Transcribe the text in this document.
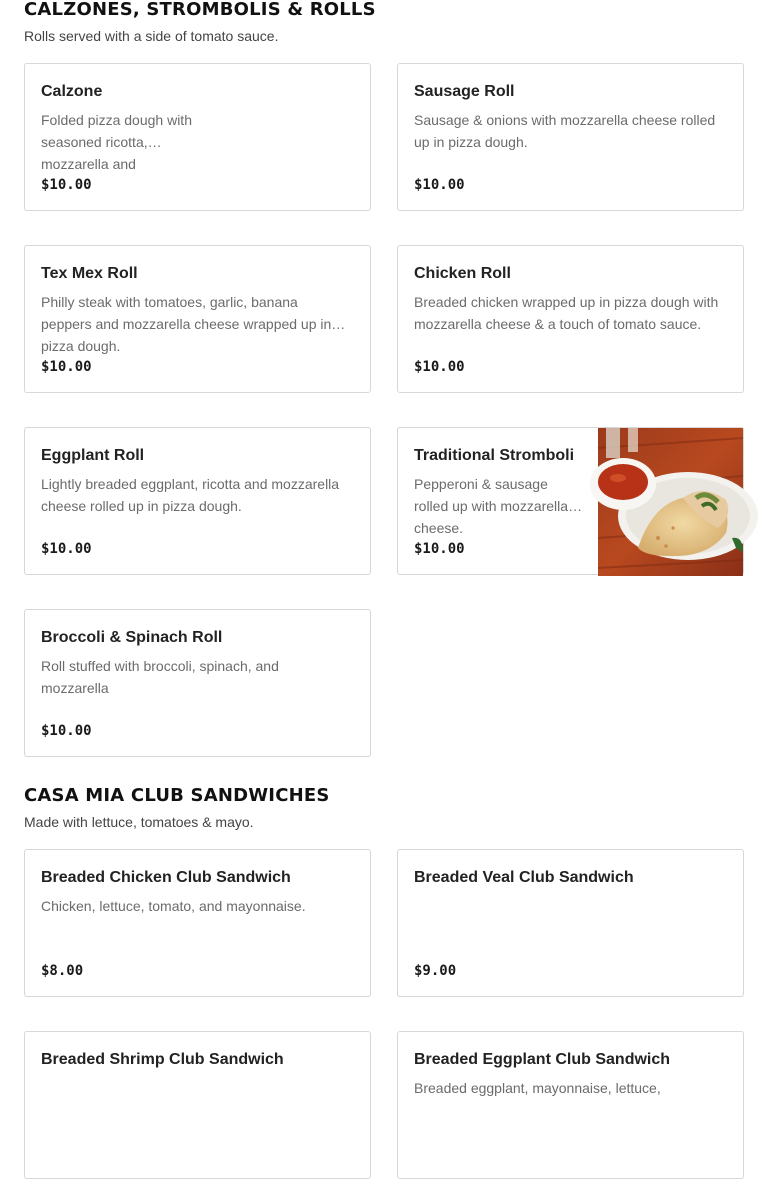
CALZONES, STROMBOLIS & ROLLS
Rolls served with a side of tomato sauce.
Calzone
Folded pizza dough with seasoned ricotta, mozzarella and
$10.00
Sausage Roll
Sausage & onions with mozzarella cheese rolled up in pizza dough.
$10.00
Tex Mex Roll
Philly steak with tomatoes, garlic, banana peppers and mozzarella cheese wrapped up in pizza dough.
$10.00
Chicken Roll
Breaded chicken wrapped up in pizza dough with mozzarella cheese & a touch of tomato sauce.
$10.00
Eggplant Roll
Lightly breaded eggplant, ricotta and mozzarella cheese rolled up in pizza dough.
$10.00
Traditional Stromboli
Pepperoni & sausage rolled up with mozzarella cheese.
$10.00
Broccoli & Spinach Roll
Roll stuffed with broccoli, spinach, and mozzarella
$10.00
CASA MIA CLUB SANDWICHES
Made with lettuce, tomatoes & mayo.
Breaded Chicken Club Sandwich
Chicken, lettuce, tomato, and mayonnaise.
$8.00
Breaded Veal Club Sandwich
$9.00
Breaded Shrimp Club Sandwich	Breaded Eggplant Club Sandwich
Breaded eggplant, mayonnaise, lettuce,
